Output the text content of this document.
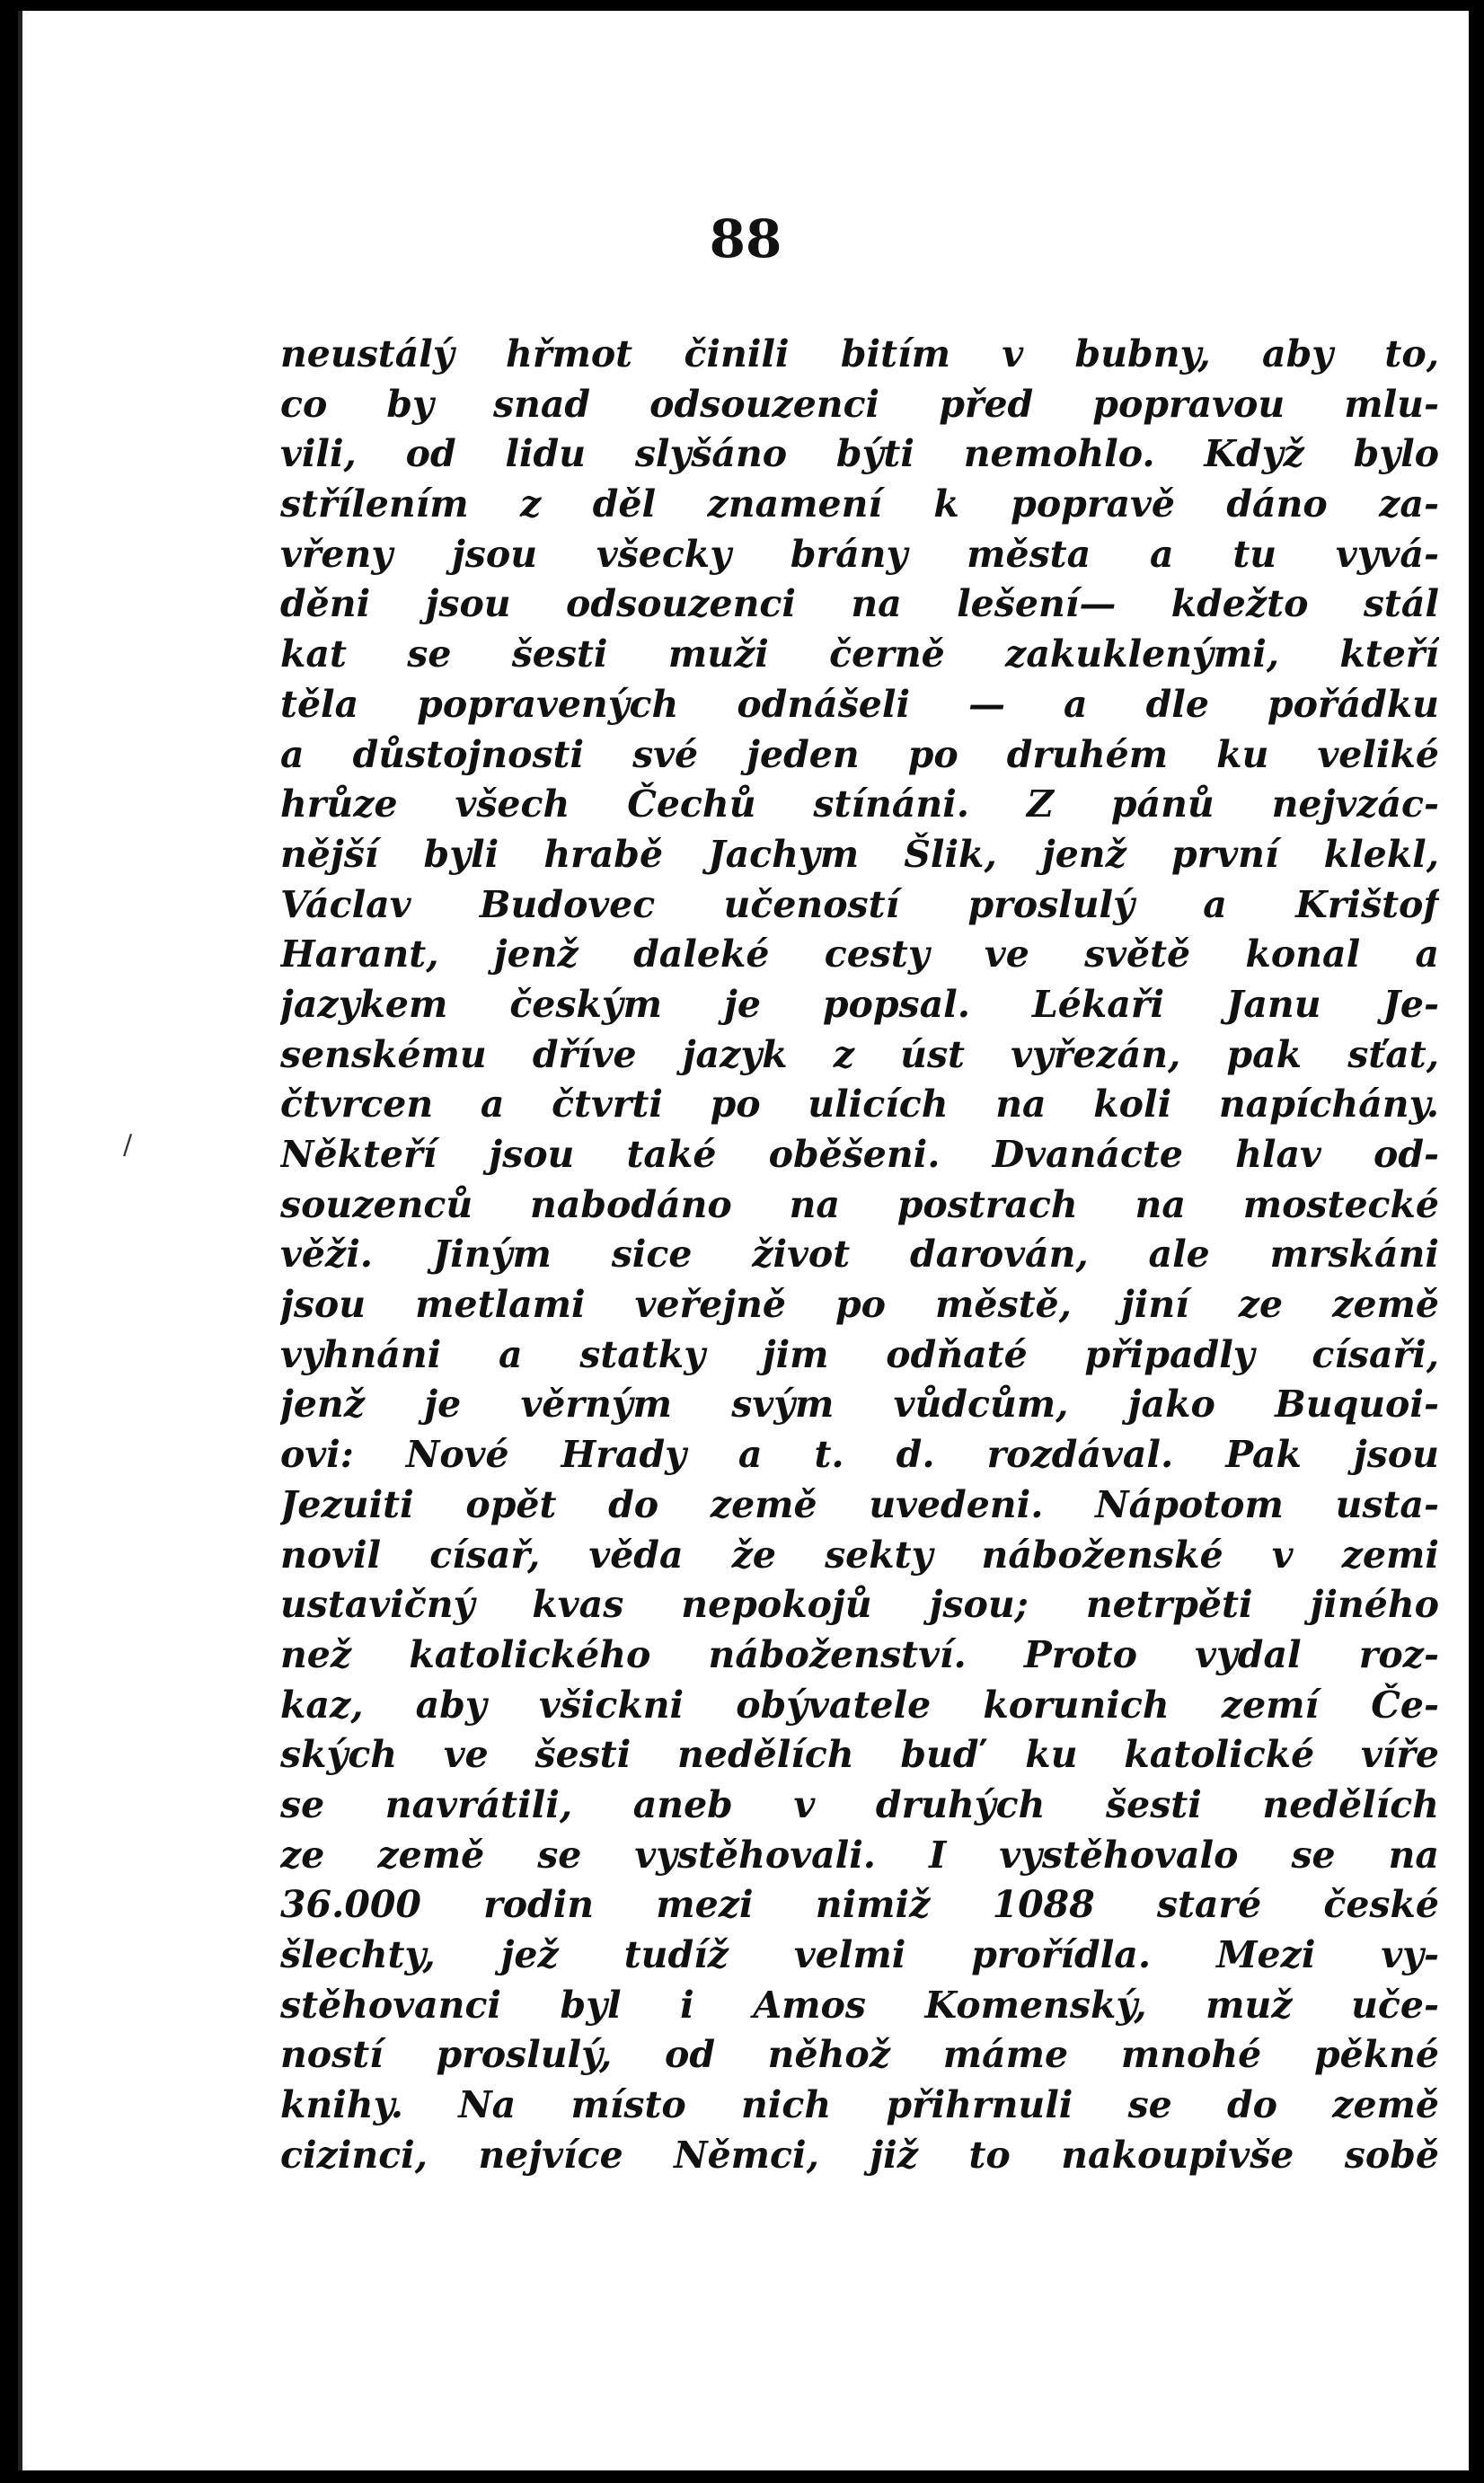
88
/
neustálý hřmot činili bitím v bubny, aby to,
co by snad odsouzenci před popravou mlu-
vili, od lidu slyšáno býti nemohlo. Když bylo
střílením z děl znamení k popravě dáno za-
vřeny jsou všecky brány města a tu vyvá-
děni jsou odsouzenci na lešení— kdežto stál
kat se šesti muži černě zakuklenými, kteří
těla popravených odnášeli — a dle pořádku
a důstojnosti své jeden po druhém ku veliké
hrůze všech Čechů stínáni. Z pánů nejvzác-
nější byli hrabě Jachym Šlik, jenž první klekl,
Václav Budovec učeností proslulý a Krištof
Harant, jenž daleké cesty ve světě konal a
jazykem českým je popsal. Lékaři Janu Je-
senskému dříve jazyk z úst vyřezán, pak sťat,
čtvrcen a čtvrti po ulicích na koli napíchány.
Někteří jsou také oběšeni. Dvanácte hlav od-
souzenců nabodáno na postrach na mostecké
věži. Jiným sice život darován, ale mrskáni
jsou metlami veřejně po městě, jiní ze země
vyhnáni a statky jim odňaté připadly císaři,
jenž je věrným svým vůdcům, jako Buquoi-
ovi: Nové Hrady a t. d. rozdával. Pak jsou
Jezuiti opět do země uvedeni. Nápotom usta-
novil císař, věda že sekty náboženské v zemi
ustavičný kvas nepokojů jsou; netrpěti jiného
než katolického náboženství. Proto vydal roz-
kaz, aby všickni obývatele korunich zemí Če-
ských ve šesti nedělích buď ku katolické víře
se navrátili, aneb v druhých šesti nedělích
ze země se vystěhovali. I vystěhovalo se na
36.000 rodin mezi nimiž 1088 staré české
šlechty, jež tudíž velmi prořídla. Mezi vy-
stěhovanci byl i Amos Komenský, muž uče-
ností proslulý, od něhož máme mnohé pěkné
knihy. Na místo nich přihrnuli se do země
cizinci, nejvíce Němci, již to nakoupivše sobě
